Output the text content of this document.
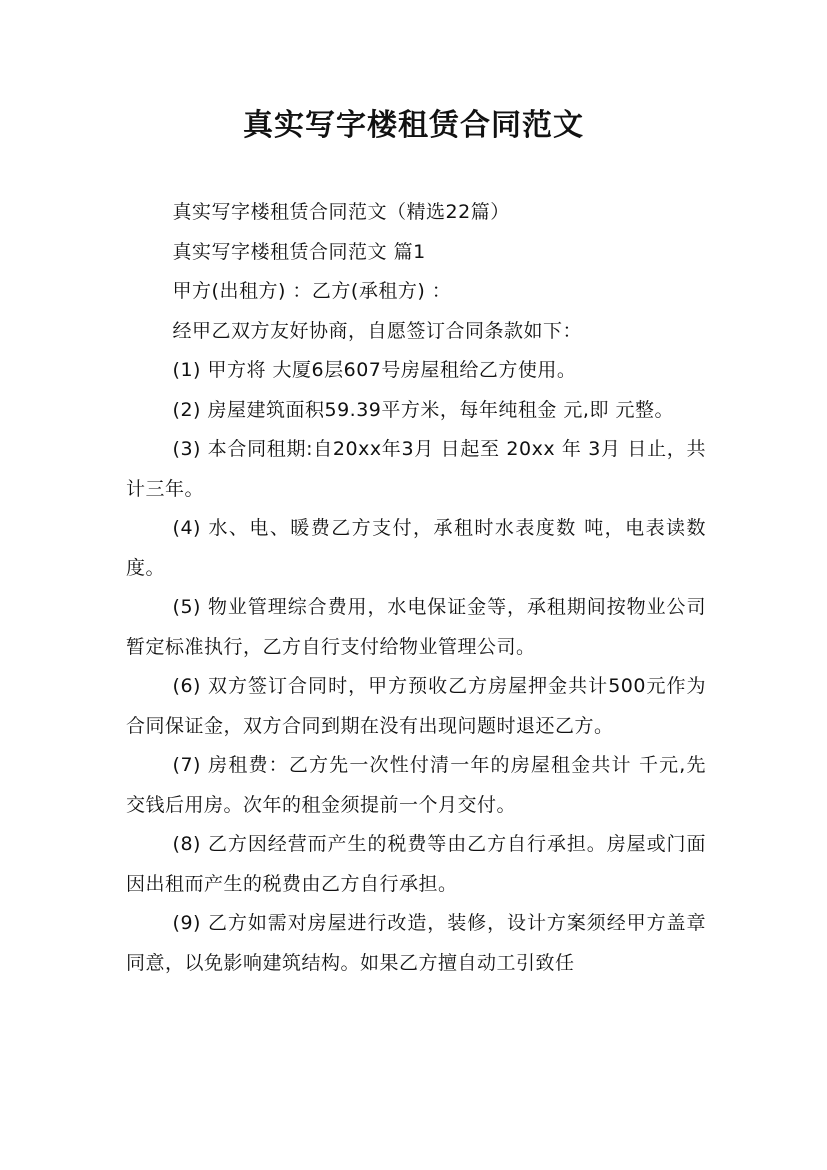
真实写字楼租赁合同范文

真实写字楼租赁合同范文（精选22篇）

真实写字楼租赁合同范文 篇1

甲方(出租方) ：乙方(承租方) ：

经甲乙双方友好协商，自愿签订合同条款如下：

(1) 甲方将 大厦6层607号房屋租给乙方使用。

(2) 房屋建筑面积59.39平方米，每年纯租金 元,即 元整。

(3) 本合同租期:自20xx年3月 日起至 20xx 年 3月 日止，共计三年。

(4) 水、电、暖费乙方支付，承租时水表度数 吨，电表读数 度。

(5) 物业管理综合费用，水电保证金等，承租期间按物业公司暂定标准执行，乙方自行支付给物业管理公司。

(6) 双方签订合同时，甲方预收乙方房屋押金共计500元作为合同保证金，双方合同到期在没有出现问题时退还乙方。

(7) 房租费：乙方先一次性付清一年的房屋租金共计 千元,先交钱后用房。次年的租金须提前一个月交付。

(8) 乙方因经营而产生的税费等由乙方自行承担。房屋或门面因出租而产生的税费由乙方自行承担。

(9) 乙方如需对房屋进行改造，装修，设计方案须经甲方盖章同意，以免影响建筑结构。如果乙方擅自动工引致任
